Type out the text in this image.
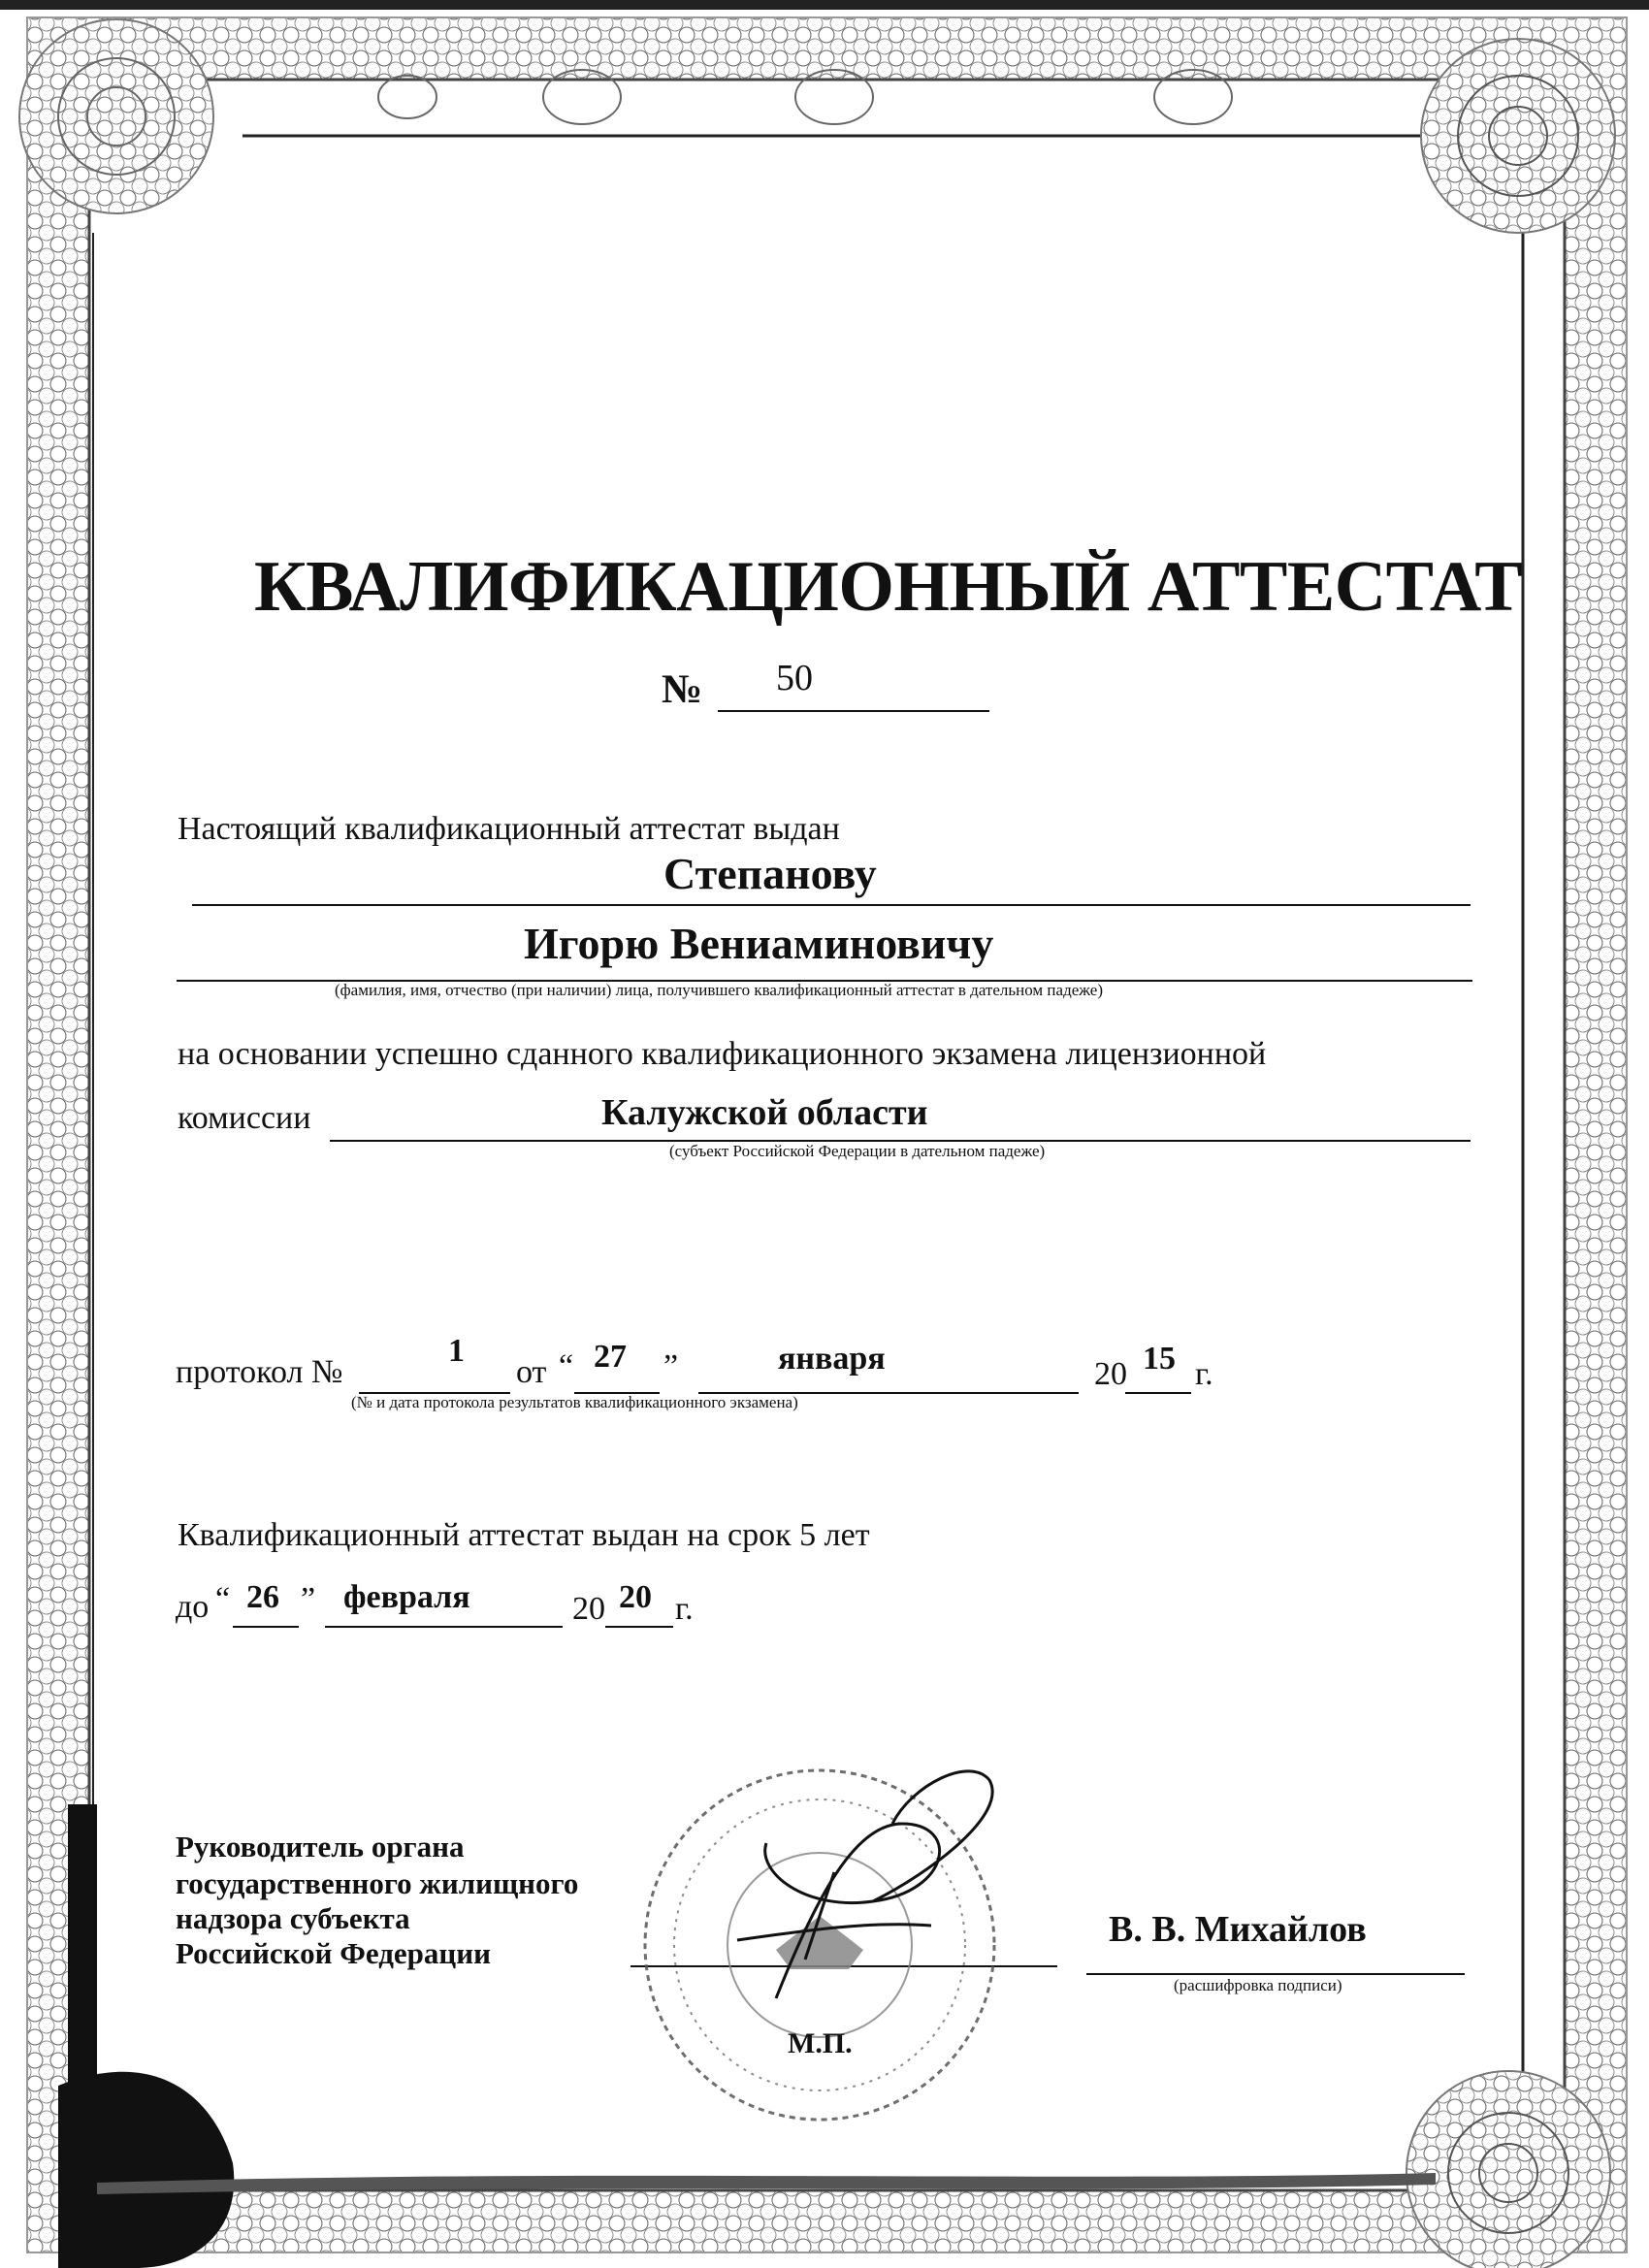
КВАЛИФИКАЦИОННЫЙ АТТЕСТАТ
№ 50
Настоящий квалификационный аттестат выдан
Степанову
Игорю Вениаминовичу
(фамилия, имя, отчество (при наличии) лица, получившего квалификационный аттестат в дательном падеже)
на основании успешно сданного квалификационного экзамена лицензионной
комиссии	Калужской области
(субъект Российской Федерации в дательном падеже)
протокол №
1
от “ 27 ”	января	20 15 г.
(№ и дата протокола результатов квалификационного экзамена)
Квалификационный аттестат выдан на срок 5 лет
до “ 26 ” февраля	20 20 г.
Руководитель органа
государственного жилищного
надзора субъекта
Российской Федерации
В. В. Михайлов
(расшифровка подписи)
М.П.
